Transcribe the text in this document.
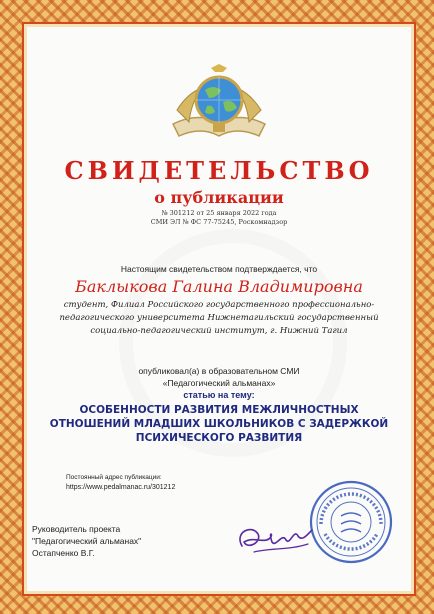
СВИДЕТЕЛЬСТВО
о публикации
№ 301212 от 25 января 2022 года
СМИ ЭЛ № ФС 77-75245, Роскомнадзор
Настоящим свидетельством подтверждается, что
Баклыкова Галина Владимировна
студент, Филиал Российского государственного профессионально-педагогического университета Нижнетагильский государственный социально-педагогический институт, г. Нижний Тагил
опубликовал(а) в образовательном СМИ
«Педагогический альманах»
статью на тему:
ОСОБЕННОСТИ РАЗВИТИЯ МЕЖЛИЧНОСТНЫХ ОТНОШЕНИЙ МЛАДШИХ ШКОЛЬНИКОВ С ЗАДЕРЖКОЙ ПСИХИЧЕСКОГО РАЗВИТИЯ
Постоянный адрес публикации:
https://www.pedalmanac.ru/301212
Руководитель проекта
"Педагогический альманах"
Остапченко В.Г.
